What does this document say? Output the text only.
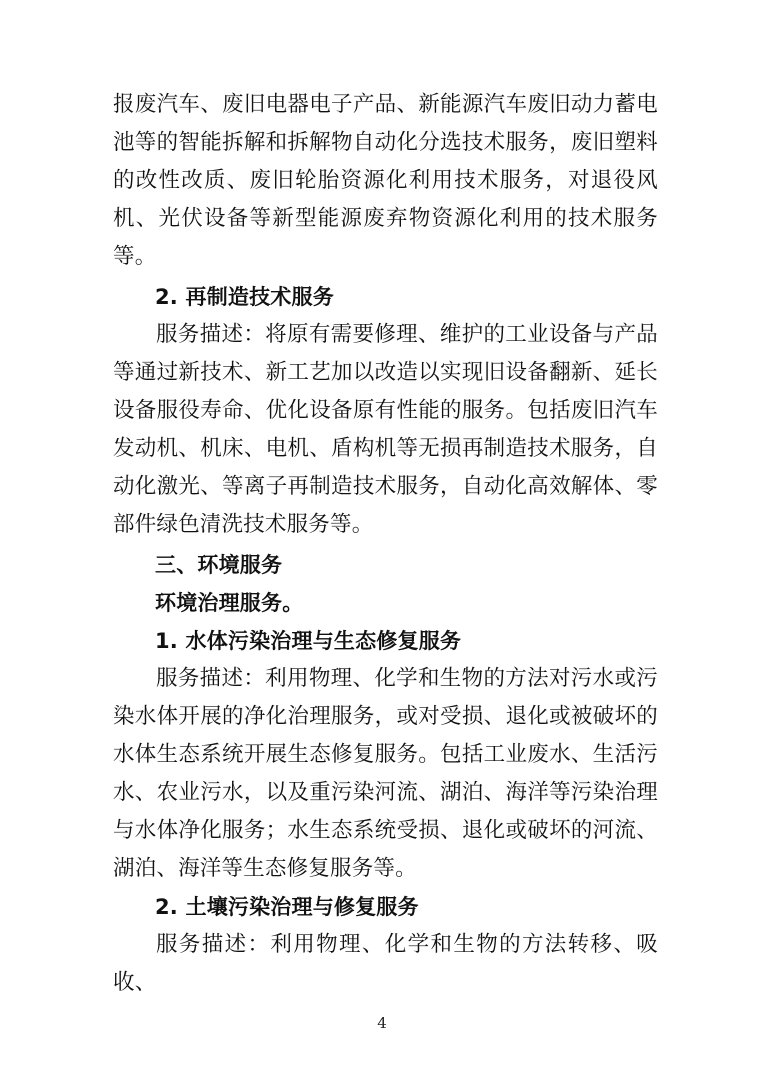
报废汽车、废旧电器电子产品、新能源汽车废旧动力蓄电池等的智能拆解和拆解物自动化分选技术服务，废旧塑料的改性改质、废旧轮胎资源化利用技术服务，对退役风机、光伏设备等新型能源废弃物资源化利用的技术服务等。

2. 再制造技术服务

服务描述：将原有需要修理、维护的工业设备与产品等通过新技术、新工艺加以改造以实现旧设备翻新、延长设备服役寿命、优化设备原有性能的服务。包括废旧汽车发动机、机床、电机、盾构机等无损再制造技术服务，自动化激光、等离子再制造技术服务，自动化高效解体、零部件绿色清洗技术服务等。

三、环境服务

环境治理服务。

1. 水体污染治理与生态修复服务

服务描述：利用物理、化学和生物的方法对污水或污染水体开展的净化治理服务，或对受损、退化或被破坏的水体生态系统开展生态修复服务。包括工业废水、生活污水、农业污水，以及重污染河流、湖泊、海洋等污染治理与水体净化服务；水生态系统受损、退化或破坏的河流、湖泊、海洋等生态修复服务等。

2. 土壤污染治理与修复服务

服务描述：利用物理、化学和生物的方法转移、吸收、

4
